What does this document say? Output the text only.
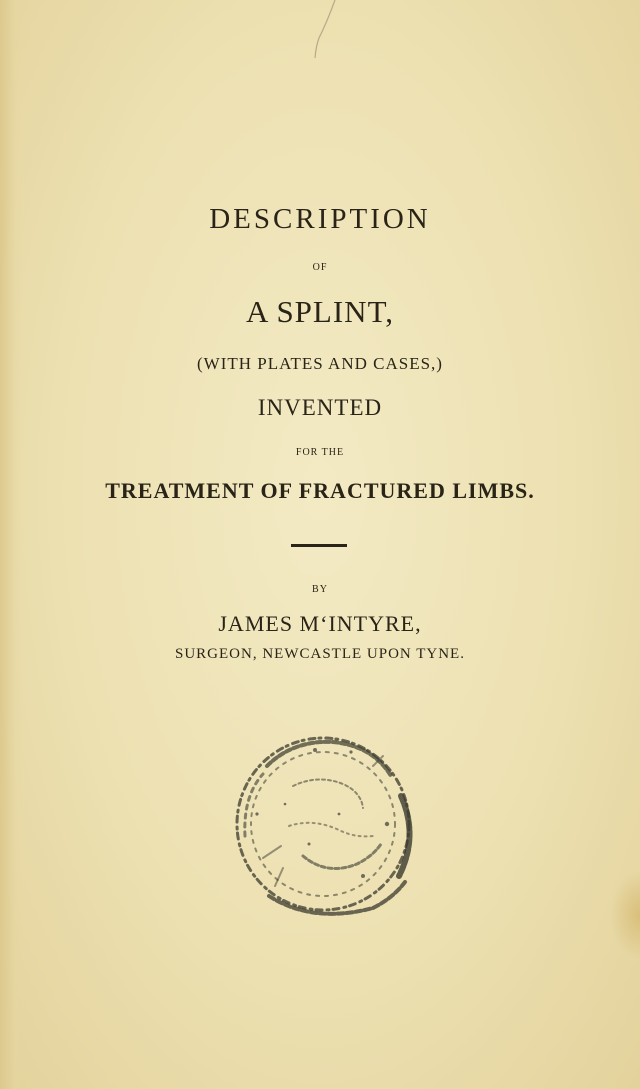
DESCRIPTION
OF
A SPLINT,
(WITH PLATES AND CASES,)
INVENTED
FOR THE
TREATMENT OF FRACTURED LIMBS.
BY
JAMES M‘INTYRE,
SURGEON, NEWCASTLE UPON TYNE.
